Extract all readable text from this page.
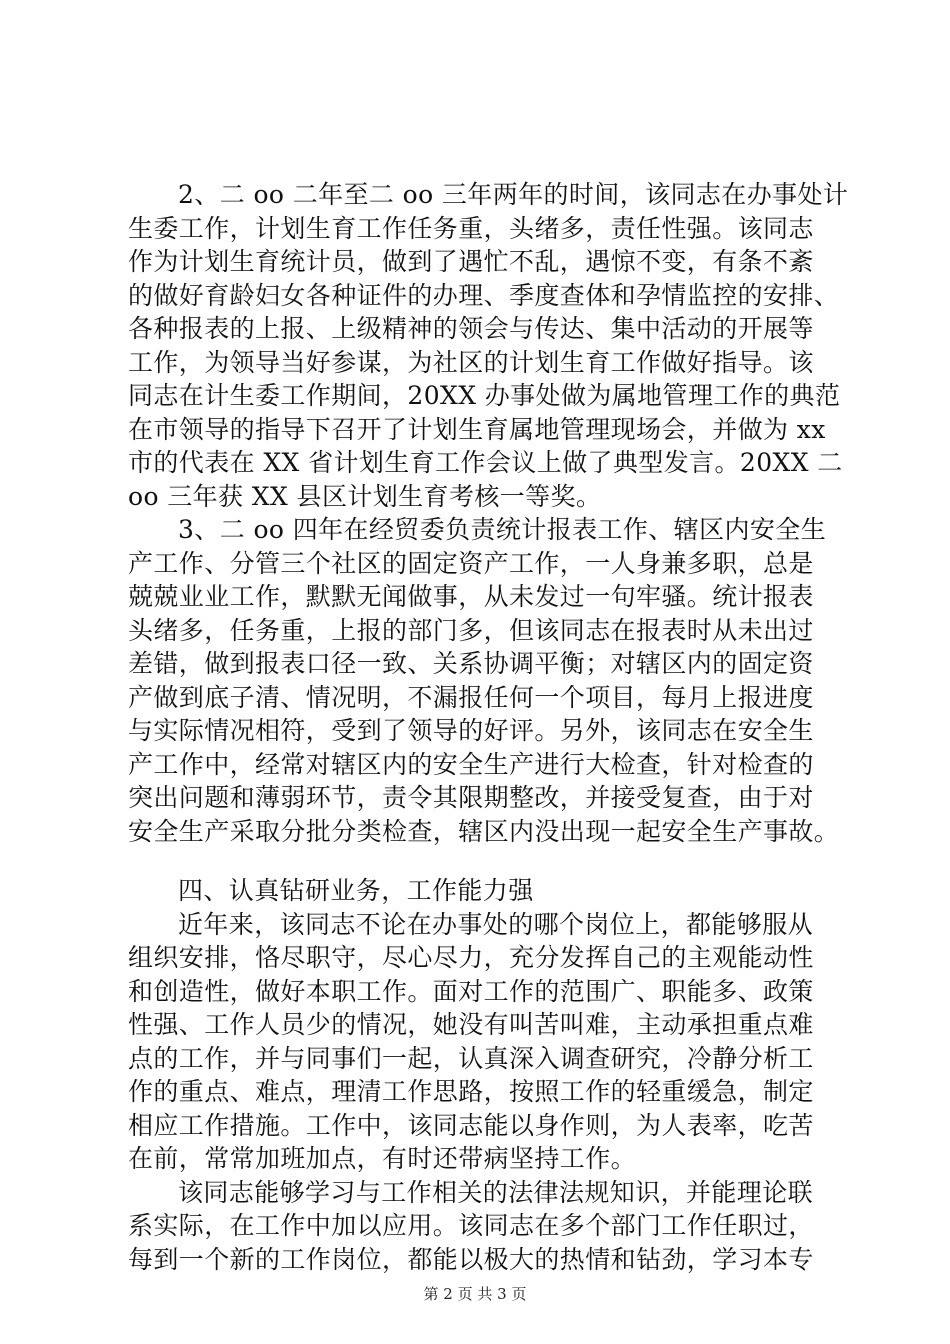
2、二 oo 二年至二 oo 三年两年的时间，该同志在办事处计
生委工作，计划生育工作任务重，头绪多，责任性强。该同志
作为计划生育统计员，做到了遇忙不乱，遇惊不变，有条不紊
的做好育龄妇女各种证件的办理、季度查体和孕情监控的安排、
各种报表的上报、上级精神的领会与传达、集中活动的开展等
工作，为领导当好参谋，为社区的计划生育工作做好指导。该
同志在计生委工作期间，20XX 办事处做为属地管理工作的典范
在市领导的指导下召开了计划生育属地管理现场会，并做为 xx
市的代表在 XX 省计划生育工作会议上做了典型发言。20XX 二
oo 三年获 XX 县区计划生育考核一等奖。
3、二 oo 四年在经贸委负责统计报表工作、辖区内安全生
产工作、分管三个社区的固定资产工作，一人身兼多职，总是
兢兢业业工作，默默无闻做事，从未发过一句牢骚。统计报表
头绪多，任务重，上报的部门多，但该同志在报表时从未出过
差错，做到报表口径一致、关系协调平衡；对辖区内的固定资
产做到底子清、情况明，不漏报任何一个项目，每月上报进度
与实际情况相符，受到了领导的好评。另外，该同志在安全生
产工作中，经常对辖区内的安全生产进行大检查，针对检查的
突出问题和薄弱环节，责令其限期整改，并接受复查，由于对
安全生产采取分批分类检查，辖区内没出现一起安全生产事故。
四、认真钻研业务，工作能力强
近年来，该同志不论在办事处的哪个岗位上，都能够服从
组织安排，恪尽职守，尽心尽力，充分发挥自己的主观能动性
和创造性，做好本职工作。面对工作的范围广、职能多、政策
性强、工作人员少的情况，她没有叫苦叫难，主动承担重点难
点的工作，并与同事们一起，认真深入调查研究，冷静分析工
作的重点、难点，理清工作思路，按照工作的轻重缓急，制定
相应工作措施。工作中，该同志能以身作则，为人表率，吃苦
在前，常常加班加点，有时还带病坚持工作。
该同志能够学习与工作相关的法律法规知识，并能理论联
系实际，在工作中加以应用。该同志在多个部门工作任职过，
每到一个新的工作岗位，都能以极大的热情和钻劲，学习本专
第 2 页 共 3 页
